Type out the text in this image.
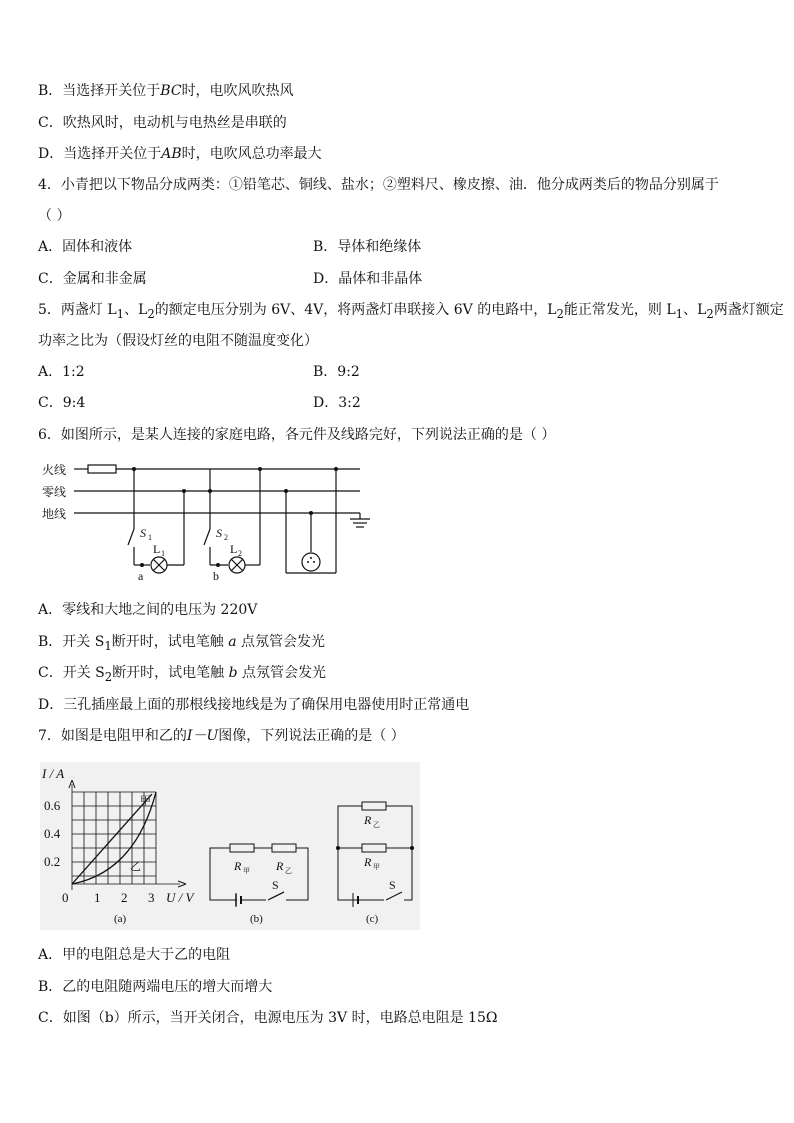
B．当选择开关位于BC时，电吹风吹热风
C．吹热风时，电动机与电热丝是串联的
D．当选择开关位于AB时，电吹风总功率最大
4．小青把以下物品分成两类：①铅笔芯、铜线、盐水；②塑料尺、橡皮擦、油．他分成两类后的物品分别属于
（ ）
A．固体和液体	B．导体和绝缘体
C．金属和非金属	D．晶体和非晶体
5．两盏灯 $L_1$、$L_2$的额定电压分别为 6V、4V，将两盏灯串联接入 6V 的电路中，$L_2$能正常发光，则 $L_1$、$L_2$两盏灯额定
功率之比为（假设灯丝的电阻不随温度变化）
A．1:2	B．9:2
C．9:4	D．3:2
6．如图所示，是某人连接的家庭电路，各元件及线路完好，下列说法正确的是（ ）
火线
零线
地线
S 1	S 2
L 1	L 2
a	b
A．零线和大地之间的电压为 220V
B．开关 $S_1$断开时，试电笔触 a 点氖管会发光
C．开关 $S_2$断开时，试电笔触 b 点氖管会发光
D．三孔插座最上面的那根线接地线是为了确保用电器使用时正常通电
7．如图是电阻甲和乙的I－U图像，下列说法正确的是（ ）
I / A
0.6
0.4
0.2
0 1 2 3 U / V
甲
乙
(a)
R 甲 R 乙
S
(b)
R 乙
R 甲
S
(c)
A．甲的电阻总是大于乙的电阻
B．乙的电阻随两端电压的增大而增大
C．如图（b）所示，当开关闭合，电源电压为 3V 时，电路总电阻是 15Ω
